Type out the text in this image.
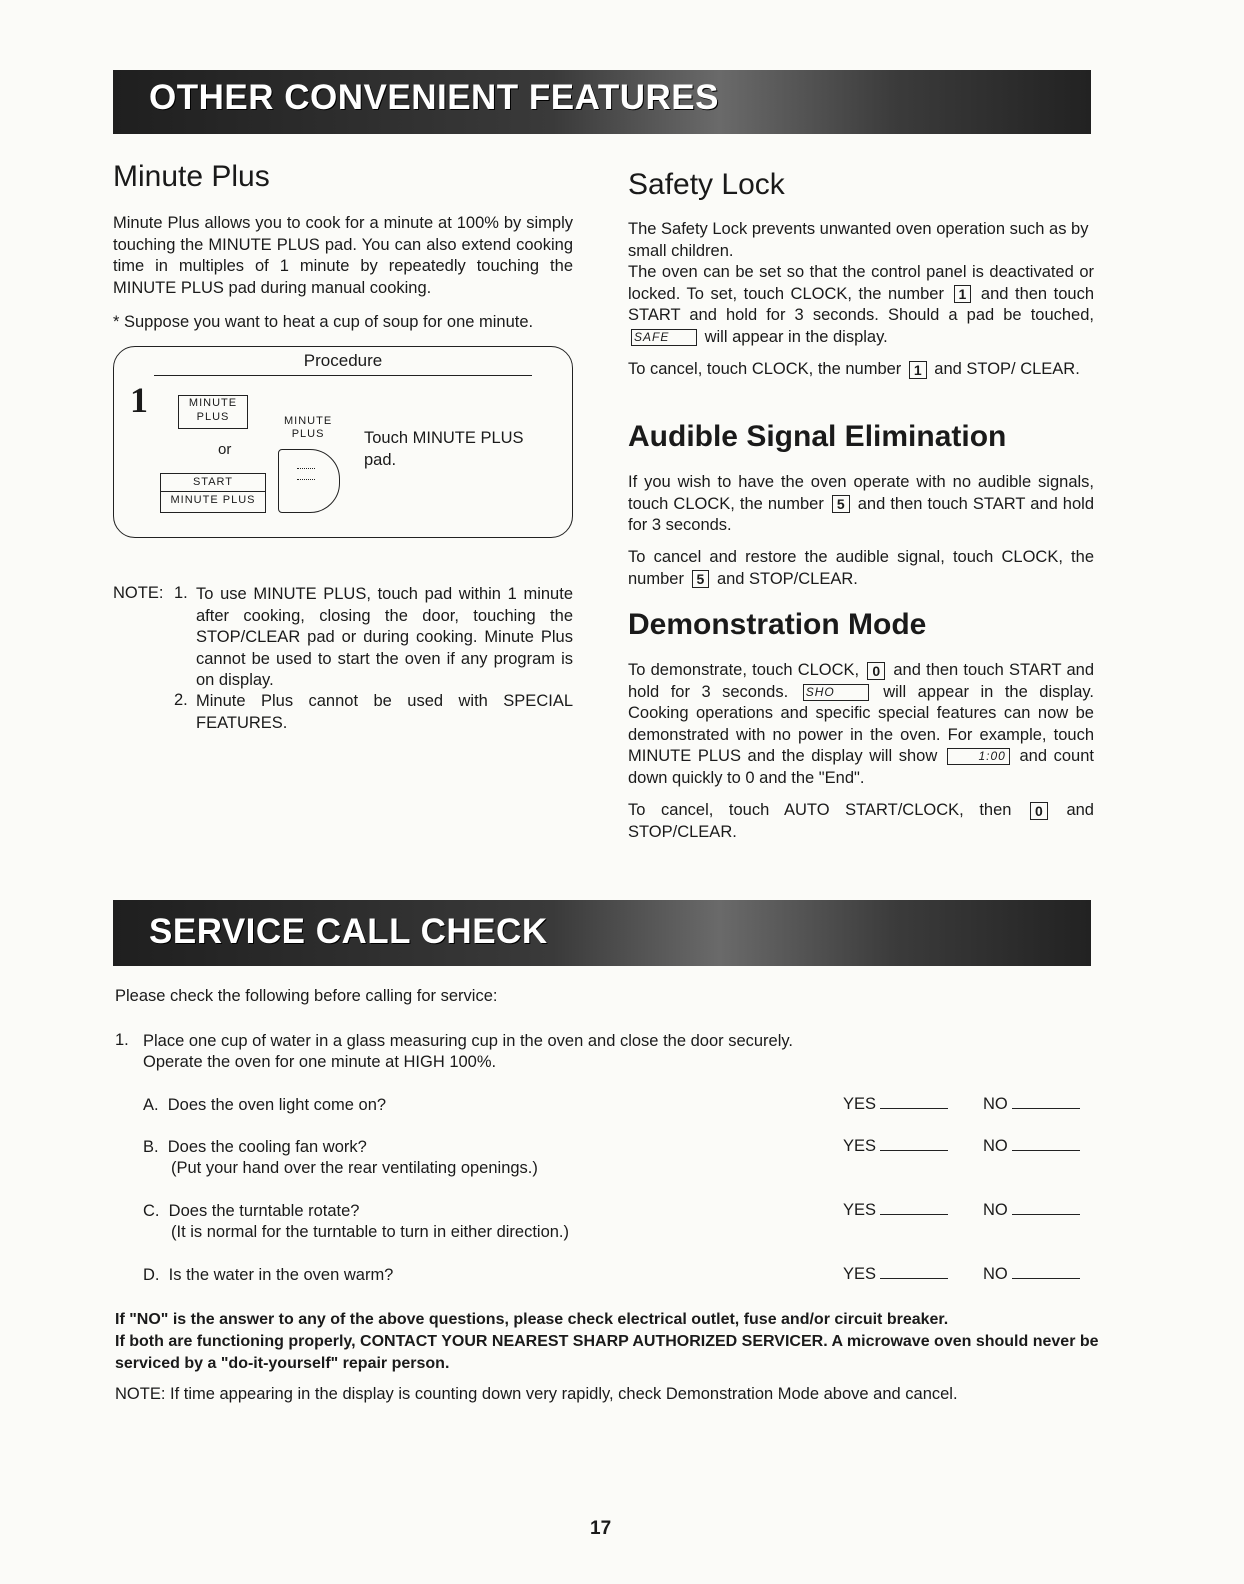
OTHER CONVENIENT FEATURES
Minute Plus

Minute Plus allows you to cook for a minute at 100% by simply touching the MINUTE PLUS pad. You can also extend cooking time in multiples of 1 minute by repeatedly touching the MINUTE PLUS pad during manual cooking.

* Suppose you want to heat a cup of soup for one minute.

Procedure
1	MINUTE
PLUS
or
START
MINUTE PLUS
MINUTE
PLUS	Touch MINUTE PLUS
pad.
NOTE: 1. To use MINUTE PLUS, touch pad within 1 minute after cooking, closing the door, touching the STOP/CLEAR pad or during cooking. Minute Plus cannot be used to start the oven if any program is on display.

2. Minute Plus cannot be used with SPECIAL FEATURES.

Safety Lock

The Safety Lock prevents unwanted oven operation such as by small children.

The oven can be set so that the control panel is deactivated or locked. To set, touch CLOCK, the number 1 and then touch START and hold for 3 seconds. Should a pad be touched, SAFE will appear in the display.

To cancel, touch CLOCK, the number 1 and STOP/ CLEAR.

Audible Signal Elimination

If you wish to have the oven operate with no audible signals, touch CLOCK, the number 5 and then touch START and hold for 3 seconds.

To cancel and restore the audible signal, touch CLOCK, the number 5 and STOP/CLEAR.

Demonstration Mode

To demonstrate, touch CLOCK, 0 and then touch START and hold for 3 seconds. SHO	will appear in the display. Cooking operations and specific special features can now be demonstrated with no power in the oven. For example, touch MINUTE PLUS and the display will show	1:00 and count down quickly to 0 and the "End".

To cancel, touch AUTO START/CLOCK, then 0 and STOP/CLEAR.

SERVICE CALL CHECK
Please check the following before calling for service:
1. Place one cup of water in a glass measuring cup in the oven and close the door securely.
Operate the oven for one minute at HIGH 100%.
A. Does the oven light come on?	YES	NO
B. Does the cooling fan work?
(Put your hand over the rear ventilating openings.)
YES	NO
C. Does the turntable rotate?
(It is normal for the turntable to turn in either direction.)
YES	NO
D. Is the water in the oven warm?	YES	NO

If "NO" is the answer to any of the above questions, please check electrical outlet, fuse and/or circuit breaker.

If both are functioning properly, CONTACT YOUR NEAREST SHARP AUTHORIZED SERVICER. A microwave oven should never be serviced by a "do-it-yourself" repair person.

NOTE: If time appearing in the display is counting down very rapidly, check Demonstration Mode above and cancel.
17
